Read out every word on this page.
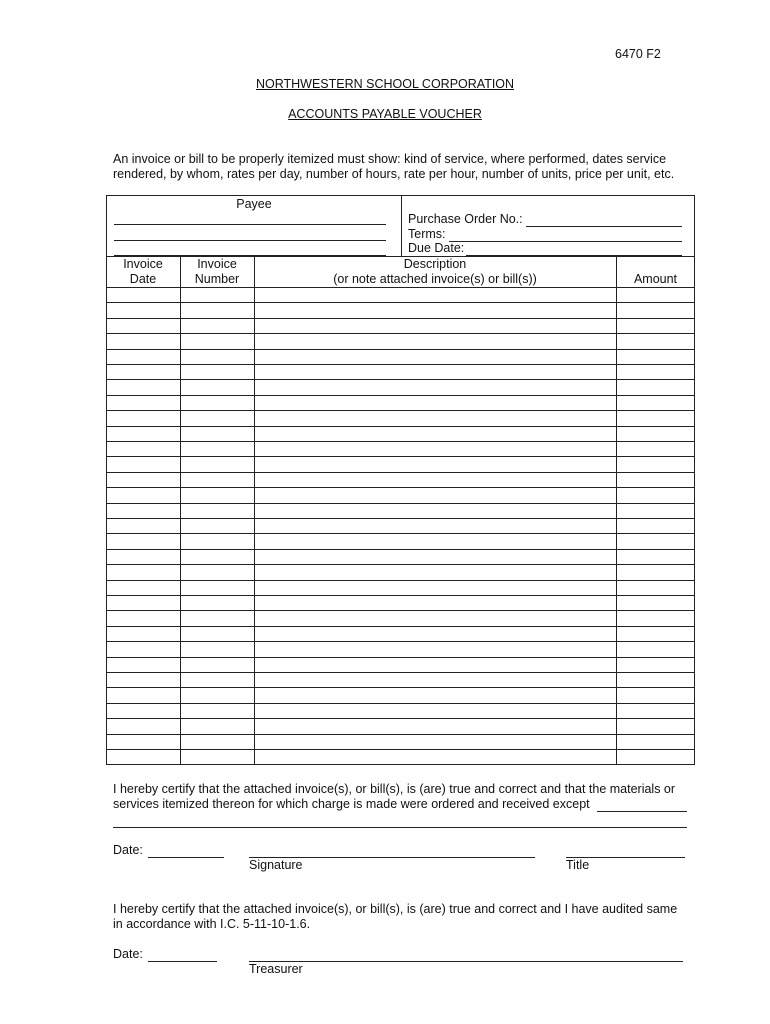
6470 F2
NORTHWESTERN SCHOOL CORPORATION
ACCOUNTS PAYABLE VOUCHER
An invoice or bill to be properly itemized must show: kind of service, where performed, dates service
rendered, by whom, rates per day, number of hours, rate per hour, number of units, price per unit, etc.
Payee
Purchase Order No.:
Terms:
Due Date:
Invoice
Date
Invoice
Number
Description
(or note attached invoice(s) or bill(s))	Amount
I hereby certify that the attached invoice(s), or bill(s), is (are) true and correct and that the materials or
services itemized thereon for which charge is made were ordered and received except
Date:
Signature	Title
I hereby certify that the attached invoice(s), or bill(s), is (are) true and correct and I have audited same
in accordance with I.C. 5-11-10-1.6.
Date:
Treasurer
